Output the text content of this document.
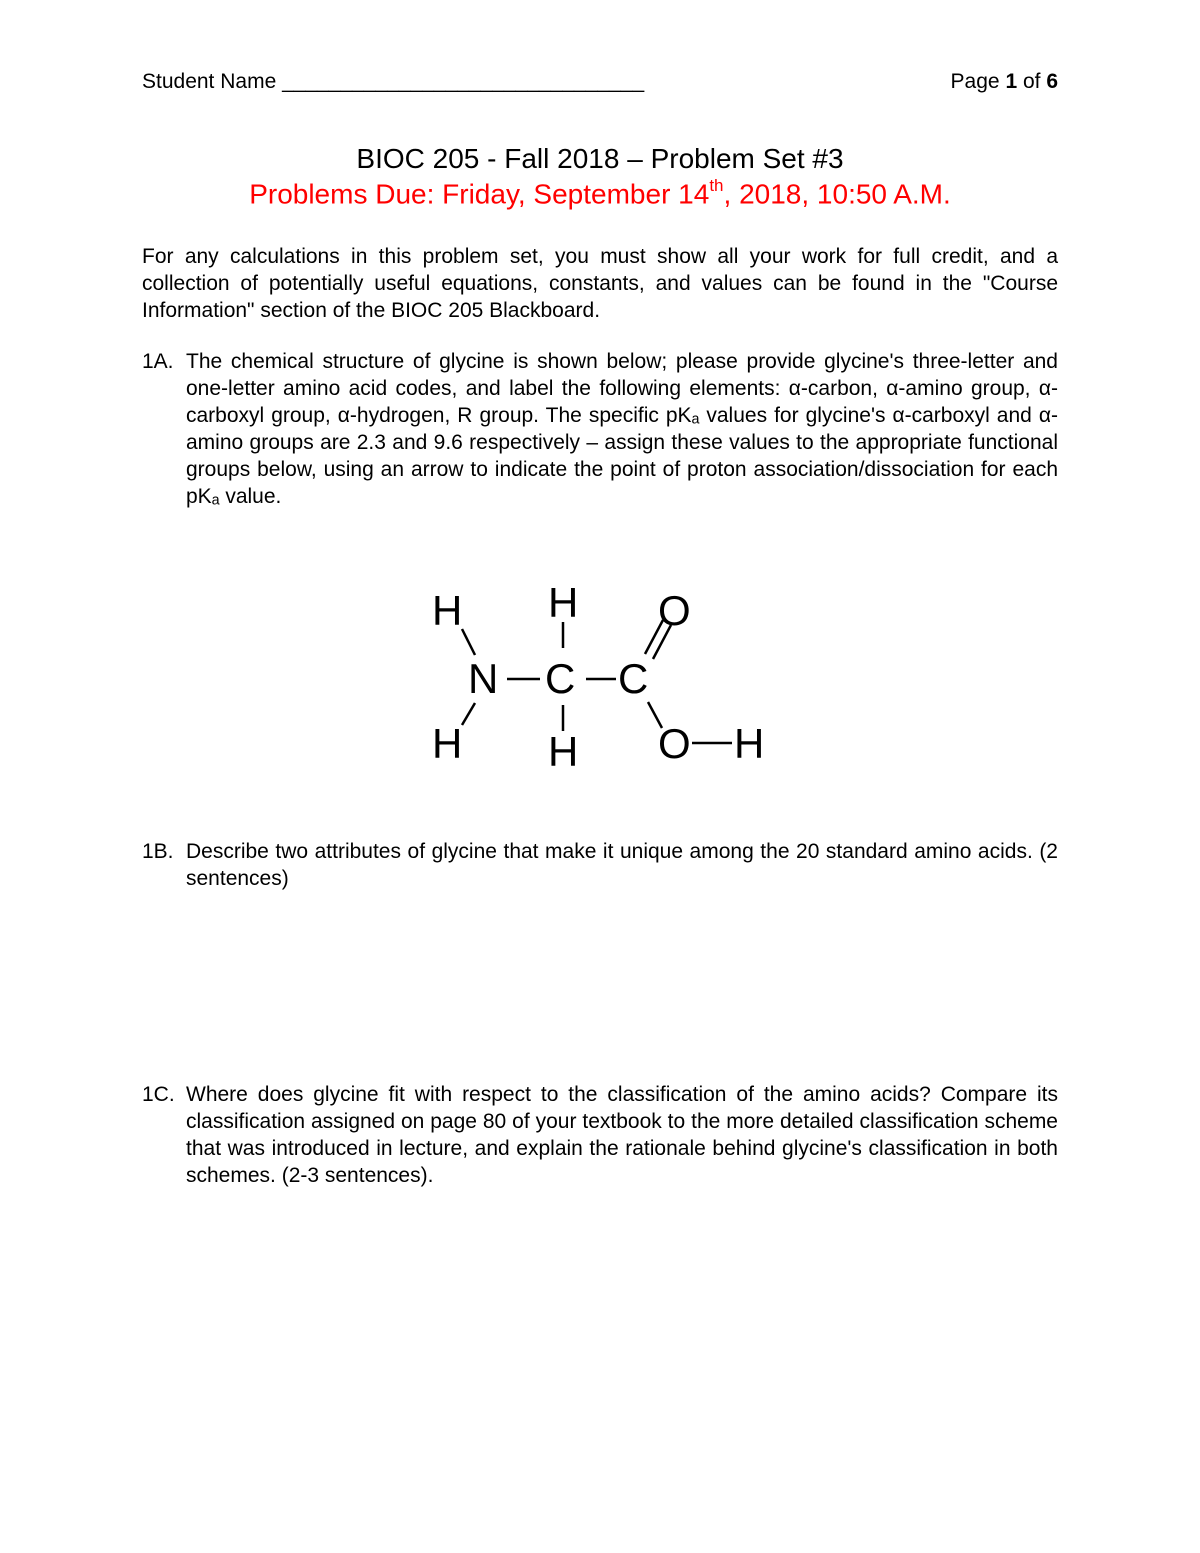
Student Name _______________________________	Page 1 of 6
BIOC 205 - Fall 2018 – Problem Set #3
Problems Due: Friday, September 14th, 2018, 10:50 A.M.
For any calculations in this problem set, you must show all your work for full credit, and a collection of potentially useful equations, constants, and values can be found in the "Course Information" section of the BIOC 205 Blackboard.
1A. The chemical structure of glycine is shown below; please provide glycine's three-letter and one-letter amino acid codes, and label the following elements: α-carbon, α-amino group, α-carboxyl group, α-hydrogen, R group. The specific pKₐ values for glycine's α-carboxyl and α-amino groups are 2.3 and 9.6 respectively – assign these values to the appropriate functional groups below, using an arrow to indicate the point of proton association/dissociation for each pKₐ value.
H H O
N C C
H H O H
1B. Describe two attributes of glycine that make it unique among the 20 standard amino acids. (2 sentences)
1C. Where does glycine fit with respect to the classification of the amino acids? Compare its classification assigned on page 80 of your textbook to the more detailed classification scheme that was introduced in lecture, and explain the rationale behind glycine's classification in both schemes. (2-3 sentences).
